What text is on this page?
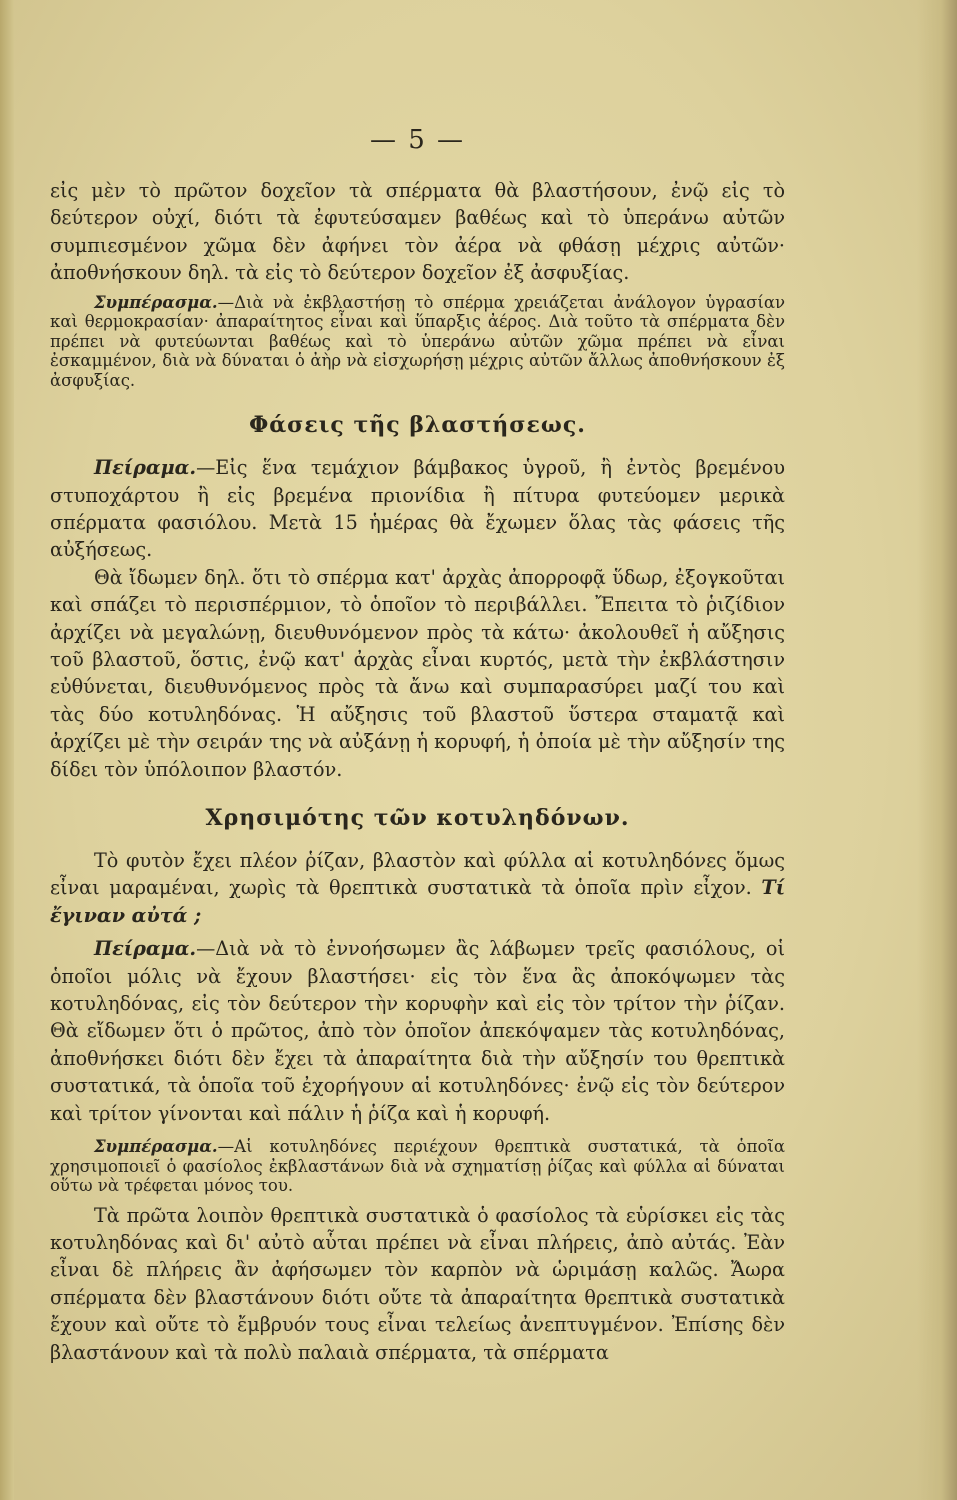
— 5 —

εἰς μὲν τὸ πρῶτον δοχεῖον τὰ σπέρματα θὰ βλαστήσουν, ἐνῷ εἰς τὸ δεύτερον οὐχί, διότι τὰ ἐφυτεύσαμεν βαθέως καὶ τὸ ὑπεράνω αὐτῶν συμπιεσμένον χῶμα δὲν ἀφήνει τὸν ἀέρα νὰ φθάσῃ μέχρις αὐτῶν· ἀποθνήσκουν δηλ. τὰ εἰς τὸ δεύτερον δοχεῖον ἐξ ἀσφυξίας.

Συμπέρασμα.—Διὰ νὰ ἐκβλαστήσῃ τὸ σπέρμα χρειάζεται ἀνάλογον ὑγρασίαν καὶ θερμοκρασίαν· ἀπαραίτητος εἶναι καὶ ὕπαρξις ἀέρος. Διὰ τοῦτο τὰ σπέρματα δὲν πρέπει νὰ φυτεύωνται βαθέως καὶ τὸ ὑπεράνω αὐτῶν χῶμα πρέπει νὰ εἶναι ἐσκαμμένον, διὰ νὰ δύναται ὁ ἀὴρ νὰ εἰσχωρήσῃ μέχρις αὐτῶν ἄλλως ἀποθνήσκουν ἐξ ἀσφυξίας.

Φάσεις τῆς βλαστήσεως.

Πείραμα.—Εἰς ἕνα τεμάχιον βάμβακος ὑγροῦ, ἢ ἐντὸς βρεμένου στυποχάρτου ἢ εἰς βρεμένα πριονίδια ἢ πίτυρα φυτεύομεν μερικὰ σπέρματα φασιόλου. Μετὰ 15 ἡμέρας θὰ ἔχωμεν ὅλας τὰς φάσεις τῆς αὐξήσεως.

Θὰ ἴδωμεν δηλ. ὅτι τὸ σπέρμα κατ' ἀρχὰς ἀπορροφᾷ ὕδωρ, ἐξογκοῦται καὶ σπάζει τὸ περισπέρμιον, τὸ ὁποῖον τὸ περιβάλλει. Ἔπειτα τὸ ῥιζίδιον ἀρχίζει νὰ μεγαλώνῃ, διευθυνόμενον πρὸς τὰ κάτω· ἀκολουθεῖ ἡ αὔξησις τοῦ βλαστοῦ, ὅστις, ἐνῷ κατ' ἀρχὰς εἶναι κυρτός, μετὰ τὴν ἐκβλάστησιν εὐθύνεται, διευθυνόμενος πρὸς τὰ ἄνω καὶ συμπαρασύρει μαζί του καὶ τὰς δύο κοτυληδόνας. Ἡ αὔξησις τοῦ βλαστοῦ ὕστερα σταματᾷ καὶ ἀρχίζει μὲ τὴν σειράν της νὰ αὐξάνῃ ἡ κορυφή, ἡ ὁποία μὲ τὴν αὔξησίν της δίδει τὸν ὑπόλοιπον βλαστόν.

Χρησιμότης τῶν κοτυληδόνων.

Τὸ φυτὸν ἔχει πλέον ῥίζαν, βλαστὸν καὶ φύλλα αἱ κοτυληδόνες ὅμως εἶναι μαραμέναι, χωρὶς τὰ θρεπτικὰ συστατικὰ τὰ ὁποῖα πρὶν εἶχον. Τί ἔγιναν αὐτά ;

Πείραμα.—Διὰ νὰ τὸ ἐννοήσωμεν ἂς λάβωμεν τρεῖς φασιόλους, οἱ ὁποῖοι μόλις νὰ ἔχουν βλαστήσει· εἰς τὸν ἕνα ἂς ἀποκόψωμεν τὰς κοτυληδόνας, εἰς τὸν δεύτερον τὴν κορυφὴν καὶ εἰς τὸν τρίτον τὴν ῥίζαν. Θὰ εἴδωμεν ὅτι ὁ πρῶτος, ἀπὸ τὸν ὁποῖον ἀπεκόψαμεν τὰς κοτυληδόνας, ἀποθνήσκει διότι δὲν ἔχει τὰ ἀπαραίτητα διὰ τὴν αὔξησίν του θρεπτικὰ συστατικά, τὰ ὁποῖα τοῦ ἐχορήγουν αἱ κοτυληδόνες· ἐνῷ εἰς τὸν δεύτερον καὶ τρίτον γίνονται καὶ πάλιν ἡ ῥίζα καὶ ἡ κορυφή.

Συμπέρασμα.—Αἱ κοτυληδόνες περιέχουν θρεπτικὰ συστατικά, τὰ ὁποῖα χρησιμοποιεῖ ὁ φασίολος ἐκβλαστάνων διὰ νὰ σχηματίσῃ ῥίζας καὶ φύλλα αἱ δύναται οὕτω νὰ τρέφεται μόνος του.

Τὰ πρῶτα λοιπὸν θρεπτικὰ συστατικὰ ὁ φασίολος τὰ εὑρίσκει εἰς τὰς κοτυληδόνας καὶ δι' αὐτὸ αὗται πρέπει νὰ εἶναι πλήρεις, ἀπὸ αὐτάς. Ἐὰν εἶναι δὲ πλήρεις ἂν ἀφήσωμεν τὸν καρπὸν νὰ ὡριμάσῃ καλῶς. Ἄωρα σπέρματα δὲν βλαστάνουν διότι οὔτε τὰ ἀπαραίτητα θρεπτικὰ συστατικὰ ἔχουν καὶ οὔτε τὸ ἔμβρυόν τους εἶναι τελείως ἀνεπτυγμένον. Ἐπίσης δὲν βλαστάνουν καὶ τὰ πολὺ παλαιὰ σπέρματα, τὰ σπέρματα
